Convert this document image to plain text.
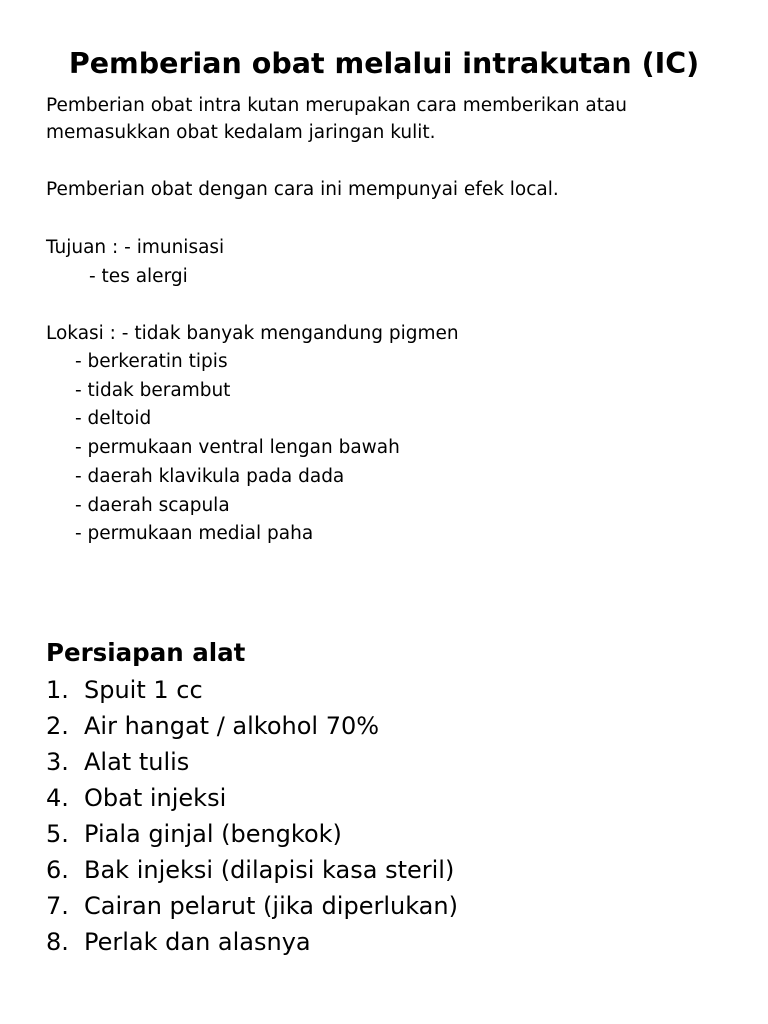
Pemberian obat melalui intrakutan (IC)

Pemberian obat intra kutan merupakan cara memberikan atau

memasukkan obat kedalam jaringan kulit.

Pemberian obat dengan cara ini mempunyai efek local.

Tujuan : - imunisasi

- tes alergi

Lokasi : - tidak banyak mengandung pigmen

- berkeratin tipis

- tidak berambut

- deltoid

- permukaan ventral lengan bawah

- daerah klavikula pada dada

- daerah scapula

- permukaan medial paha

Persiapan alat
1. Spuit 1 cc
2. Air hangat / alkohol 70%
3. Alat tulis
4. Obat injeksi
5. Piala ginjal (bengkok)
6. Bak injeksi (dilapisi kasa steril)
7. Cairan pelarut (jika diperlukan)
8. Perlak dan alasnya
